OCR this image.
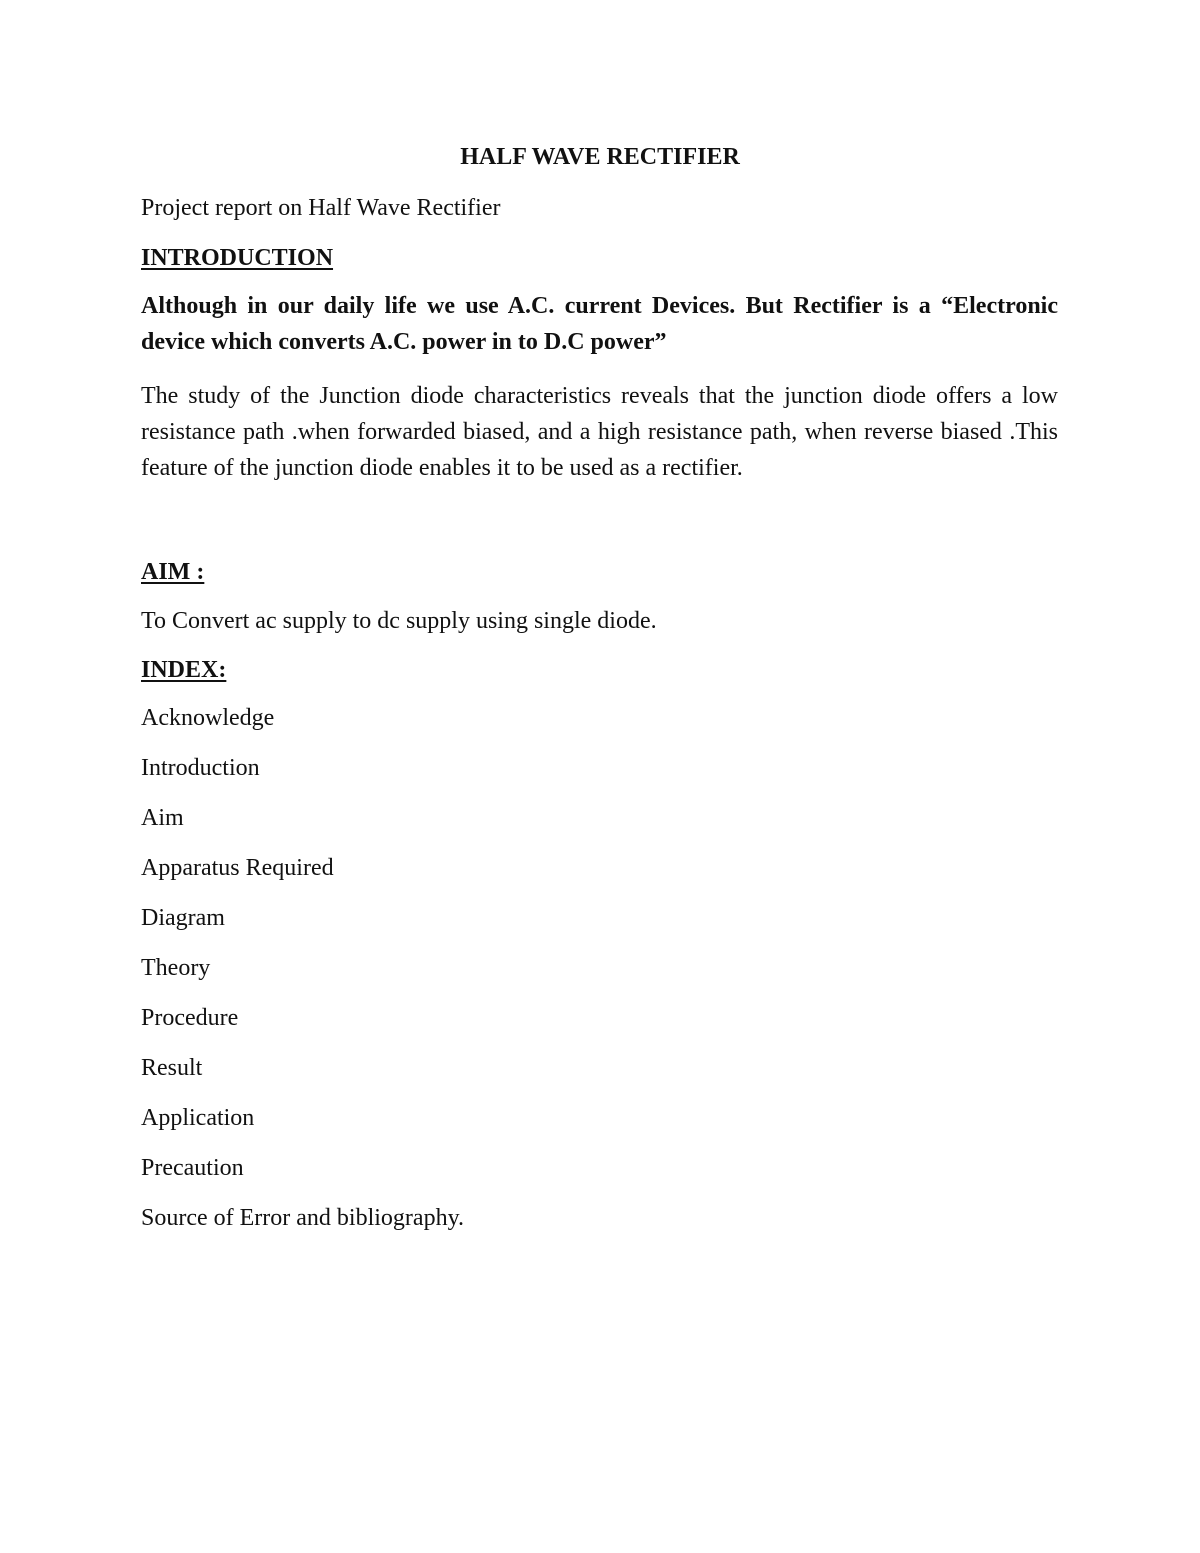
HALF WAVE RECTIFIER

Project report on Half Wave Rectifier

INTRODUCTION

Although in our daily life we use A.C. current Devices. But Rectifier is a “Electronic device which converts A.C. power in to D.C power”

The study of the Junction diode characteristics reveals that the junction diode offers a low resistance path .when forwarded biased, and a high resistance path, when reverse biased .This feature of the junction diode enables it to be used as a rectifier.

AIM :

To Convert ac supply to dc supply using single diode.

INDEX:

Acknowledge
Introduction
Aim
Apparatus Required
Diagram
Theory
Procedure
Result
Application
Precaution
Source of Error and bibliography.
